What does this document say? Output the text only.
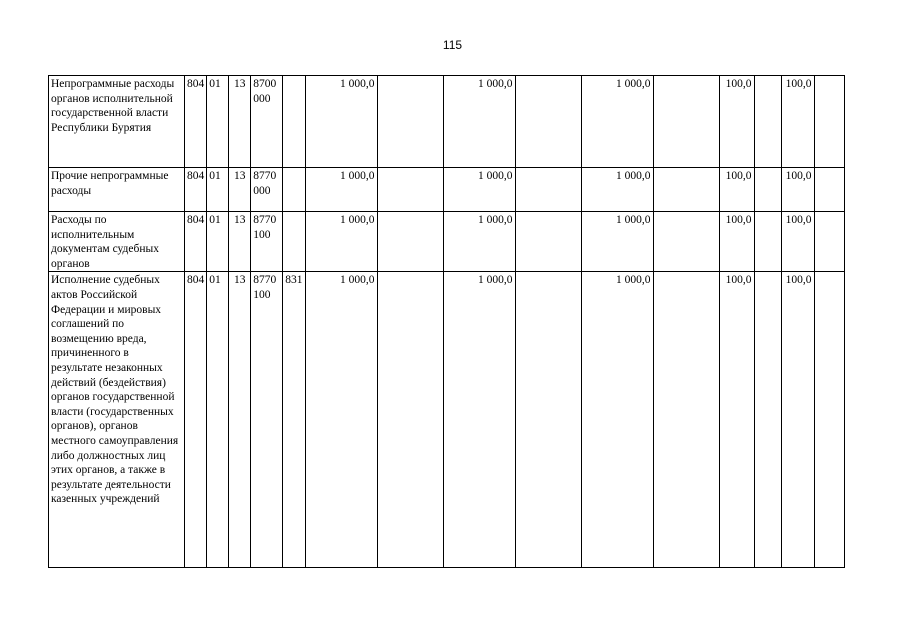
115
Непрограммные расходы органов исполнительной государственной власти Республики Бурятия	804	01	13	8700 000		1 000,0		1 000,0		1 000,0		100,0		100,0	
Прочие непрограммные расходы	804	01	13	8770 000		1 000,0		1 000,0		1 000,0		100,0		100,0	
Расходы по исполнительным документам судебных органов	804	01	13	8770 100		1 000,0		1 000,0		1 000,0		100,0		100,0	
Исполнение судебных актов Российской Федерации и мировых соглашений по возмещению вреда, причиненного в результате незаконных действий (бездействия) органов государственной власти (государственных органов), органов местного самоуправления либо должностных лиц этих органов, а также в результате деятельности казенных учреждений	804	01	13	8770 100	831	1 000,0		1 000,0		1 000,0		100,0		100,0	
